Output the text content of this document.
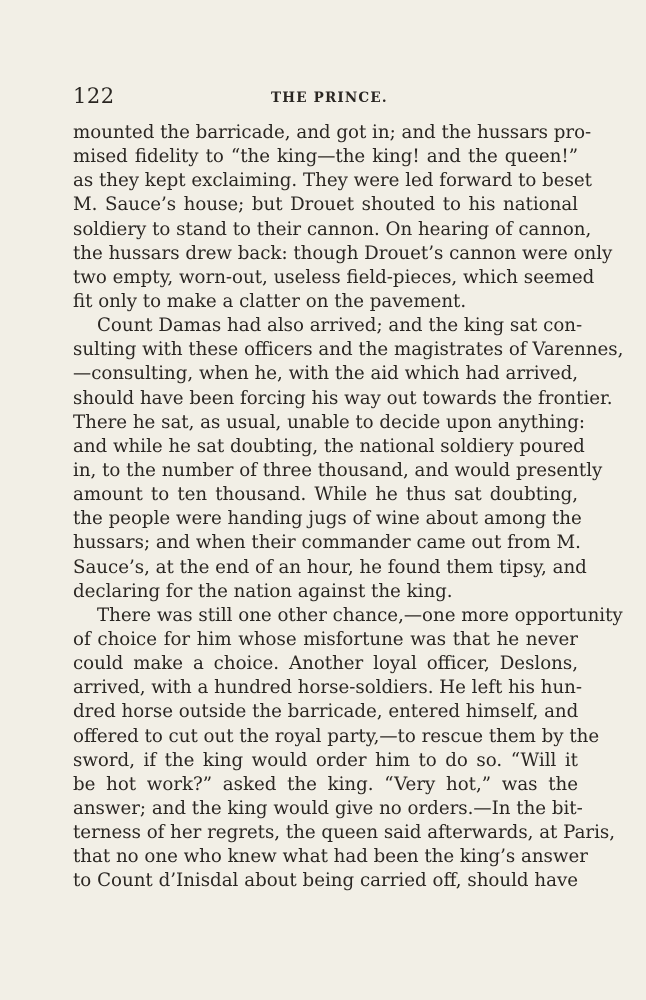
122	THE PRINCE.
mounted the barricade, and got in; and the hussars pro-
mised fidelity to “the king—the king! and the queen!”
as they kept exclaiming. They were led forward to beset
M. Sauce’s house; but Drouet shouted to his national
soldiery to stand to their cannon. On hearing of cannon,
the hussars drew back: though Drouet’s cannon were only
two empty, worn-out, useless field-pieces, which seemed
fit only to make a clatter on the pavement.
Count Damas had also arrived; and the king sat con-
sulting with these officers and the magistrates of Varennes,
—consulting, when he, with the aid which had arrived,
should have been forcing his way out towards the frontier.
There he sat, as usual, unable to decide upon anything:
and while he sat doubting, the national soldiery poured
in, to the number of three thousand, and would presently
amount to ten thousand. While he thus sat doubting,
the people were handing jugs of wine about among the
hussars; and when their commander came out from M.
Sauce’s, at the end of an hour, he found them tipsy, and
declaring for the nation against the king.
There was still one other chance,—one more opportunity
of choice for him whose misfortune was that he never
could make a choice. Another loyal officer, Deslons,
arrived, with a hundred horse-soldiers. He left his hun-
dred horse outside the barricade, entered himself, and
offered to cut out the royal party,—to rescue them by the
sword, if the king would order him to do so. “Will it
be hot work?” asked the king. “Very hot,” was the
answer; and the king would give no orders.—In the bit-
terness of her regrets, the queen said afterwards, at Paris,
that no one who knew what had been the king’s answer
to Count d’Inisdal about being carried off, should have
